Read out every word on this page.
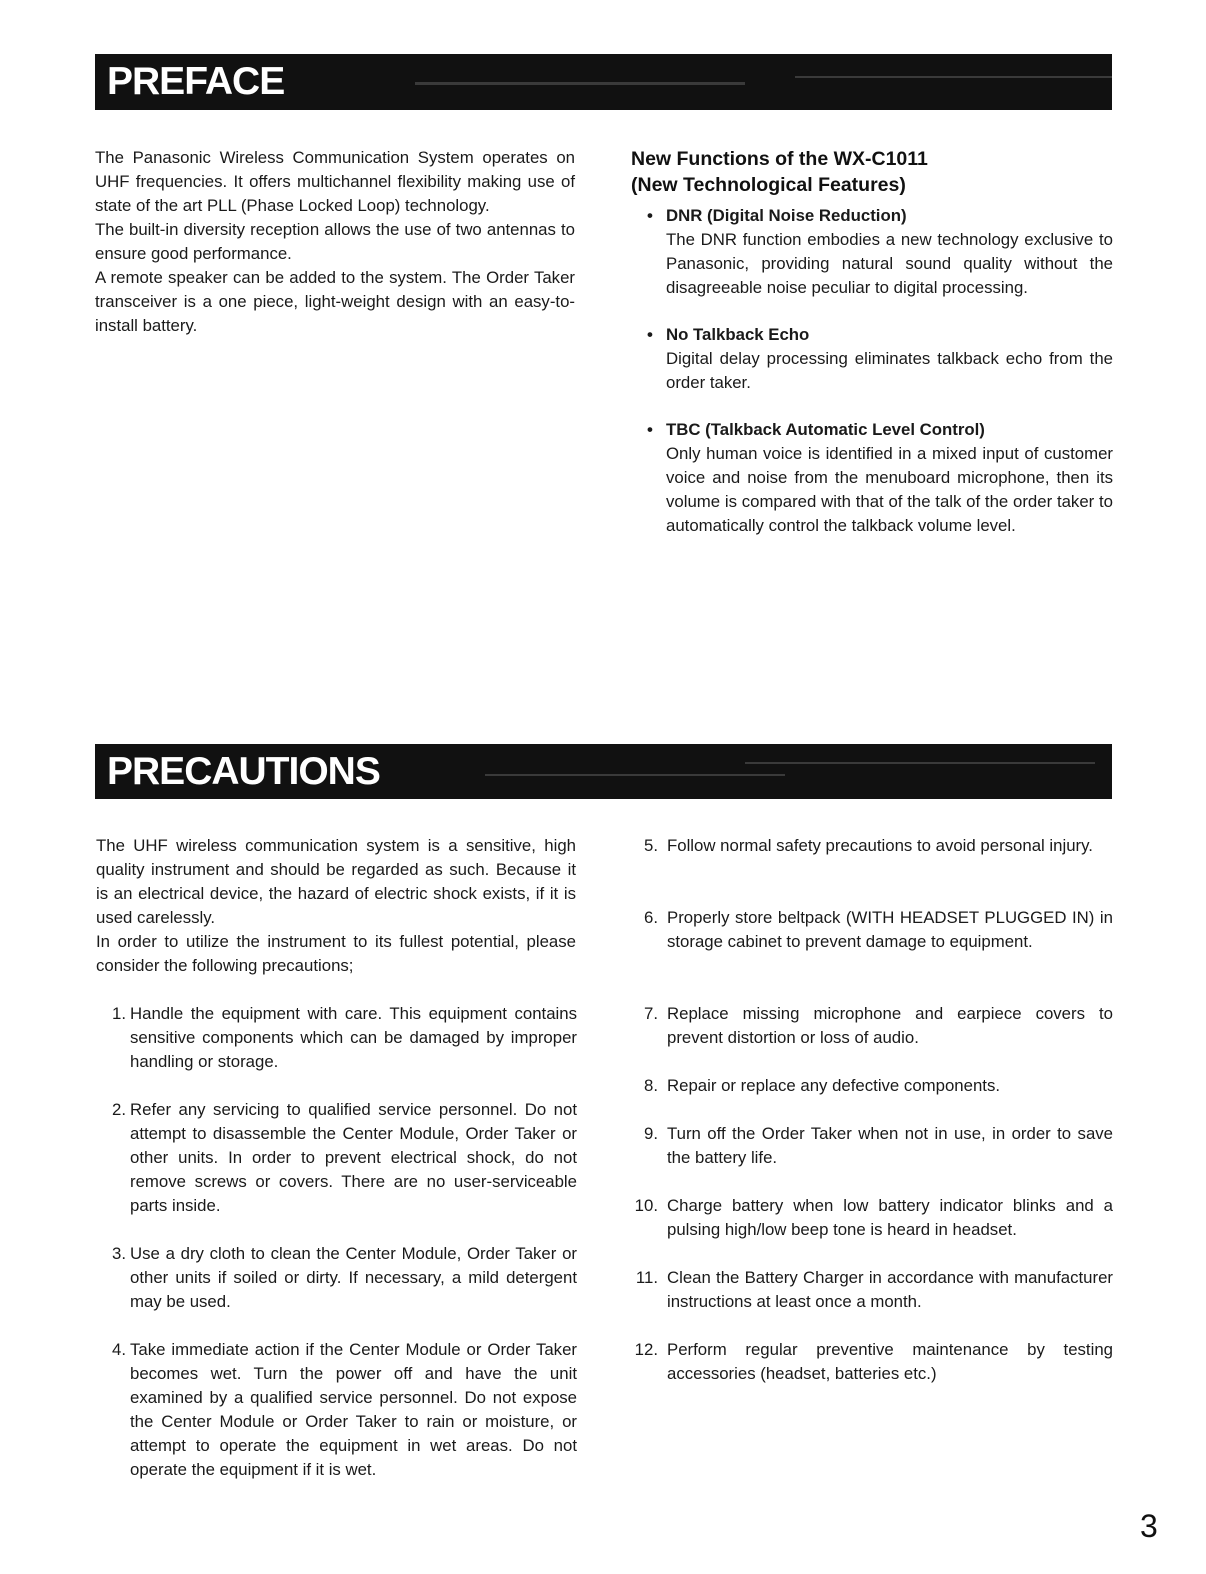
PREFACE

The Panasonic Wireless Communication System operates on UHF frequencies. It offers multichannel flexibility making use of state of the art PLL (Phase Locked Loop) technology.

The built-in diversity reception allows the use of two antennas to ensure good performance.

A remote speaker can be added to the system. The Order Taker transceiver is a one piece, light-weight design with an easy-to-install battery.

New Functions of the WX-C1011
(New Technological Features)
• DNR (Digital Noise Reduction)
The DNR function embodies a new technology exclusive to Panasonic, providing natural sound quality without the disagreeable noise peculiar to digital processing.
• No Talkback Echo
Digital delay processing eliminates talkback echo from the order taker.
• TBC (Talkback Automatic Level Control)
Only human voice is identified in a mixed input of customer voice and noise from the menuboard microphone, then its volume is compared with that of the talk of the order taker to automatically control the talkback volume level.
PRECAUTIONS

The UHF wireless communication system is a sensitive, high quality instrument and should be regarded as such. Because it is an electrical device, the hazard of electric shock exists, if it is used carelessly.

In order to utilize the instrument to its fullest potential, please consider the following precautions;

1. Handle the equipment with care. This equipment contains sensitive components which can be damaged by improper handling or storage.
2. Refer any servicing to qualified service personnel. Do not attempt to disassemble the Center Module, Order Taker or other units. In order to prevent electrical shock, do not remove screws or covers. There are no user-serviceable parts inside.
3. Use a dry cloth to clean the Center Module, Order Taker or other units if soiled or dirty. If necessary, a mild detergent may be used.
4. Take immediate action if the Center Module or Order Taker becomes wet. Turn the power off and have the unit examined by a qualified service personnel. Do not expose the Center Module or Order Taker to rain or moisture, or attempt to operate the equipment in wet areas. Do not operate the equipment if it is wet.
5. Follow normal safety precautions to avoid personal injury.
6. Properly store beltpack (WITH HEADSET PLUGGED IN) in storage cabinet to prevent damage to equipment.
7. Replace missing microphone and earpiece covers to prevent distortion or loss of audio.
8. Repair or replace any defective components.
9. Turn off the Order Taker when not in use, in order to save the battery life.
10. Charge battery when low battery indicator blinks and a pulsing high/low beep tone is heard in headset.
11. Clean the Battery Charger in accordance with manufacturer instructions at least once a month.
12. Perform regular preventive maintenance by testing accessories (headset, batteries etc.)
3
